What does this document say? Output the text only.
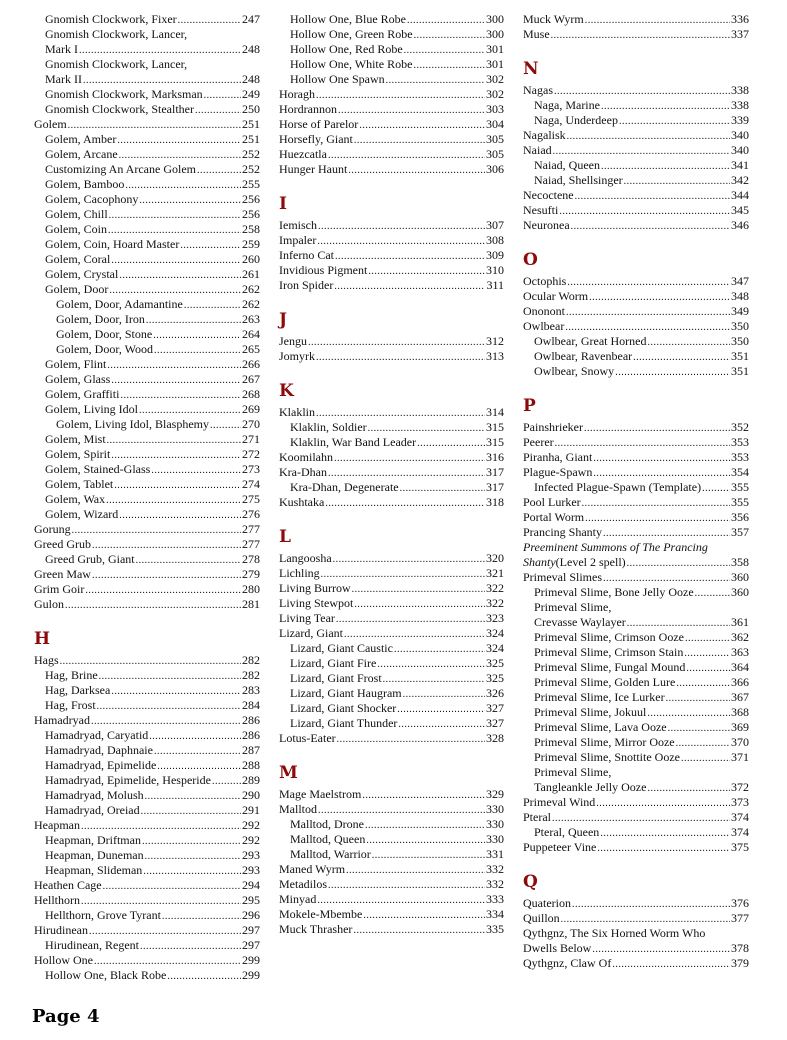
Gnomish Clockwork, Fixer .....	247
Gnomish Clockwork, Lancer,
Mark I .....	248
Gnomish Clockwork, Lancer,
Mark II .....	248
Gnomish Clockwork, Marksman .....	249
Gnomish Clockwork, Stealther .....	250
Golem .....	251
Golem, Amber .....	251
Golem, Arcane .....	252
Customizing An Arcane Golem .....	252
Golem, Bamboo .....	255
Golem, Cacophony .....	256
Golem, Chill .....	256
Golem, Coin .....	258
Golem, Coin, Hoard Master .....	259
Golem, Coral .....	260
Golem, Crystal .....	261
Golem, Door .....	262
Golem, Door, Adamantine .....	262
Golem, Door, Iron .....	263
Golem, Door, Stone .....	264
Golem, Door, Wood .....	265
Golem, Flint .....	266
Golem, Glass .....	267
Golem, Graffiti .....	268
Golem, Living Idol .....	269
Golem, Living Idol, Blasphemy .....	270
Golem, Mist .....	271
Golem, Spirit .....	272
Golem, Stained-Glass .....	273
Golem, Tablet .....	274
Golem, Wax .....	275
Golem, Wizard .....	276
Gorung .....	277
Greed Grub .....	277
Greed Grub, Giant .....	278
Green Maw .....	279
Grim Goir .....	280
Gulon .....	281
H
Hags .....	282
Hag, Brine .....	282
Hag, Darksea .....	283
Hag, Frost .....	284
Hamadryad .....	286
Hamadryad, Caryatid .....	286
Hamadryad, Daphnaie .....	287
Hamadryad, Epimelide .....	288
Hamadryad, Epimelide, Hesperide .....	289
Hamadryad, Molush .....	290
Hamadryad, Oreiad .....	291
Heapman .....	292
Heapman, Driftman .....	292
Heapman, Duneman .....	293
Heapman, Slideman .....	293
Heathen Cage .....	294
Hellthorn .....	295
Hellthorn, Grove Tyrant .....	296
Hirudinean .....	297
Hirudinean, Regent .....	297
Hollow One .....	299
Hollow One, Black Robe .....	299
Hollow One, Blue Robe .....	300
Hollow One, Green Robe .....	300
Hollow One, Red Robe .....	301
Hollow One, White Robe .....	301
Hollow One Spawn .....	302
Horagh .....	302
Hordrannon .....	303
Horse of Parelor .....	304
Horsefly, Giant .....	305
Huezcatla .....	305
Hunger Haunt .....	306
I
Iemisch .....	307
Impaler .....	308
Inferno Cat .....	309
Invidious Pigment .....	310
Iron Spider .....	311
J
Jengu .....	312
Jomyrk .....	313
K
Klaklin .....	314
Klaklin, Soldier .....	315
Klaklin, War Band Leader .....	315
Koomilahn .....	316
Kra-Dhan .....	317
Kra-Dhan, Degenerate .....	317
Kushtaka .....	318
L
Langoosha .....	320
Lichling .....	321
Living Burrow .....	322
Living Stewpot .....	322
Living Tear .....	323
Lizard, Giant .....	324
Lizard, Giant Caustic .....	324
Lizard, Giant Fire .....	325
Lizard, Giant Frost .....	325
Lizard, Giant Haugram .....	326
Lizard, Giant Shocker .....	327
Lizard, Giant Thunder .....	327
Lotus-Eater .....	328
M
Mage Maelstrom .....	329
Malltod .....	330
Malltod, Drone .....	330
Malltod, Queen .....	330
Malltod, Warrior .....	331
Maned Wyrm .....	332
Metadilos .....	332
Minyad .....	333
Mokele-Mbembe .....	334
Muck Thrasher .....	335
Muck Wyrm .....	336
Muse .....	337
N
Nagas .....	338
Naga, Marine .....	338
Naga, Underdeep .....	339
Nagalisk .....	340
Naiad .....	340
Naiad, Queen .....	341
Naiad, Shellsinger .....	342
Necoctene .....	344
Nesufti .....	345
Neuronea .....	346
O
Octophis .....	347
Ocular Worm .....	348
Ononont .....	349
Owlbear .....	350
Owlbear, Great Horned .....	350
Owlbear, Ravenbear .....	351
Owlbear, Snowy .....	351
P
Painshrieker .....	352
Peerer .....	353
Piranha, Giant .....	353
Plague-Spawn .....	354
Infected Plague-Spawn (Template) ..... 355
Pool Lurker .....	355
Portal Worm .....	356
Prancing Shanty .....	357
Preeminent Summons of The Prancing
Shanty (Level 2 spell) .....	358
Primeval Slimes .....	360
Primeval Slime, Bone Jelly Ooze .....	360
Primeval Slime,
Crevasse Waylayer .....	361
Primeval Slime, Crimson Ooze .....	362
Primeval Slime, Crimson Stain .....	363
Primeval Slime, Fungal Mound .....	364
Primeval Slime, Golden Lure .....	366
Primeval Slime, Ice Lurker .....	367
Primeval Slime, Jokuul .....	368
Primeval Slime, Lava Ooze .....	369
Primeval Slime, Mirror Ooze .....	370
Primeval Slime, Snottite Ooze .....	371
Primeval Slime,
Tangleankle Jelly Ooze .....	372
Primeval Wind .....	373
Pteral .....	374
Pteral, Queen .....	374
Puppeteer Vine .....	375
Q
Quaterion .....	376
Quillon .....	377
Qythgnz, The Six Horned Worm Who
Dwells Below .....	378
Qythgnz, Claw Of .....	379
Page 4
